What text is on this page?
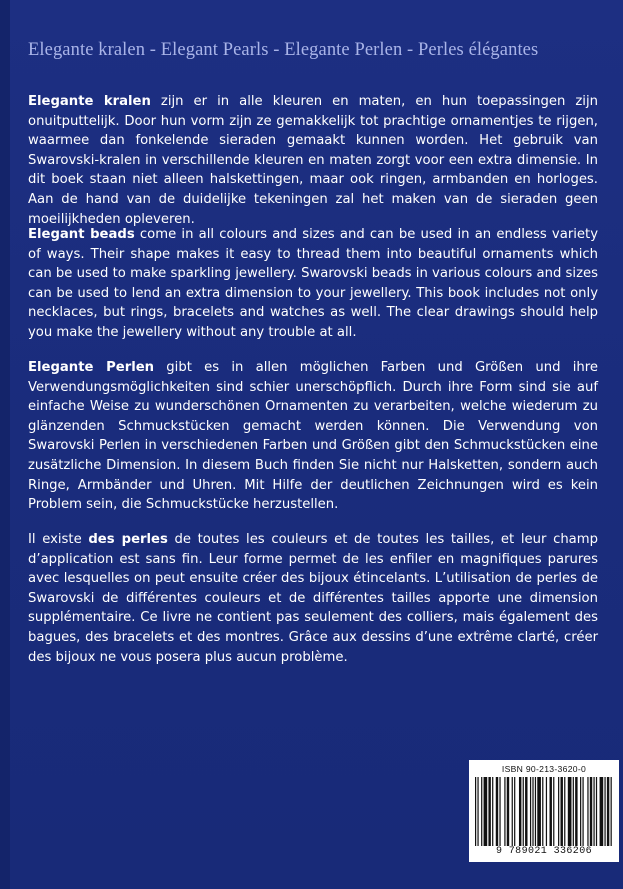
Elegante kralen - Elegant Pearls - Elegante Perlen - Perles élégantes
Elegante kralen zijn er in alle kleuren en maten, en hun toepassingen zijn onuitputtelijk. Door hun vorm zijn ze gemakkelijk tot prachtige ornamentjes te rijgen, waarmee dan fonkelende sieraden gemaakt kunnen worden. Het gebruik van Swarovski-kralen in verschillende kleuren en maten zorgt voor een extra dimensie. In dit boek staan niet alleen halskettingen, maar ook ringen, armbanden en horloges. Aan de hand van de duidelijke tekeningen zal het maken van de sieraden geen moeilijkheden opleveren.
Elegant beads come in all colours and sizes and can be used in an endless variety of ways. Their shape makes it easy to thread them into beautiful ornaments which can be used to make sparkling jewellery. Swarovski beads in various colours and sizes can be used to lend an extra dimension to your jewellery. This book includes not only necklaces, but rings, bracelets and watches as well. The clear drawings should help you make the jewellery without any trouble at all.
Elegante Perlen gibt es in allen möglichen Farben und Größen und ihre Verwendungsmöglichkeiten sind schier unerschöpflich. Durch ihre Form sind sie auf einfache Weise zu wunderschönen Ornamenten zu verarbeiten, welche wiederum zu glänzenden Schmuckstücken gemacht werden können. Die Verwendung von Swarovski Perlen in verschiedenen Farben und Größen gibt den Schmuckstücken eine zusätzliche Dimension. In diesem Buch finden Sie nicht nur Halsketten, sondern auch Ringe, Armbänder und Uhren. Mit Hilfe der deutlichen Zeichnungen wird es kein Problem sein, die Schmuckstücke herzustellen.
Il existe des perles de toutes les couleurs et de toutes les tailles, et leur champ d’application est sans fin. Leur forme permet de les enfiler en magnifiques parures avec lesquelles on peut ensuite créer des bijoux étincelants. L’utilisation de perles de Swarovski de différentes couleurs et de différentes tailles apporte une dimension supplémentaire. Ce livre ne contient pas seulement des colliers, mais également des bagues, des bracelets et des montres. Grâce aux dessins d’une extrême clarté, créer des bijoux ne vous posera plus aucun problème.
ISBN 90-213-3620-0
9 789021 336206
